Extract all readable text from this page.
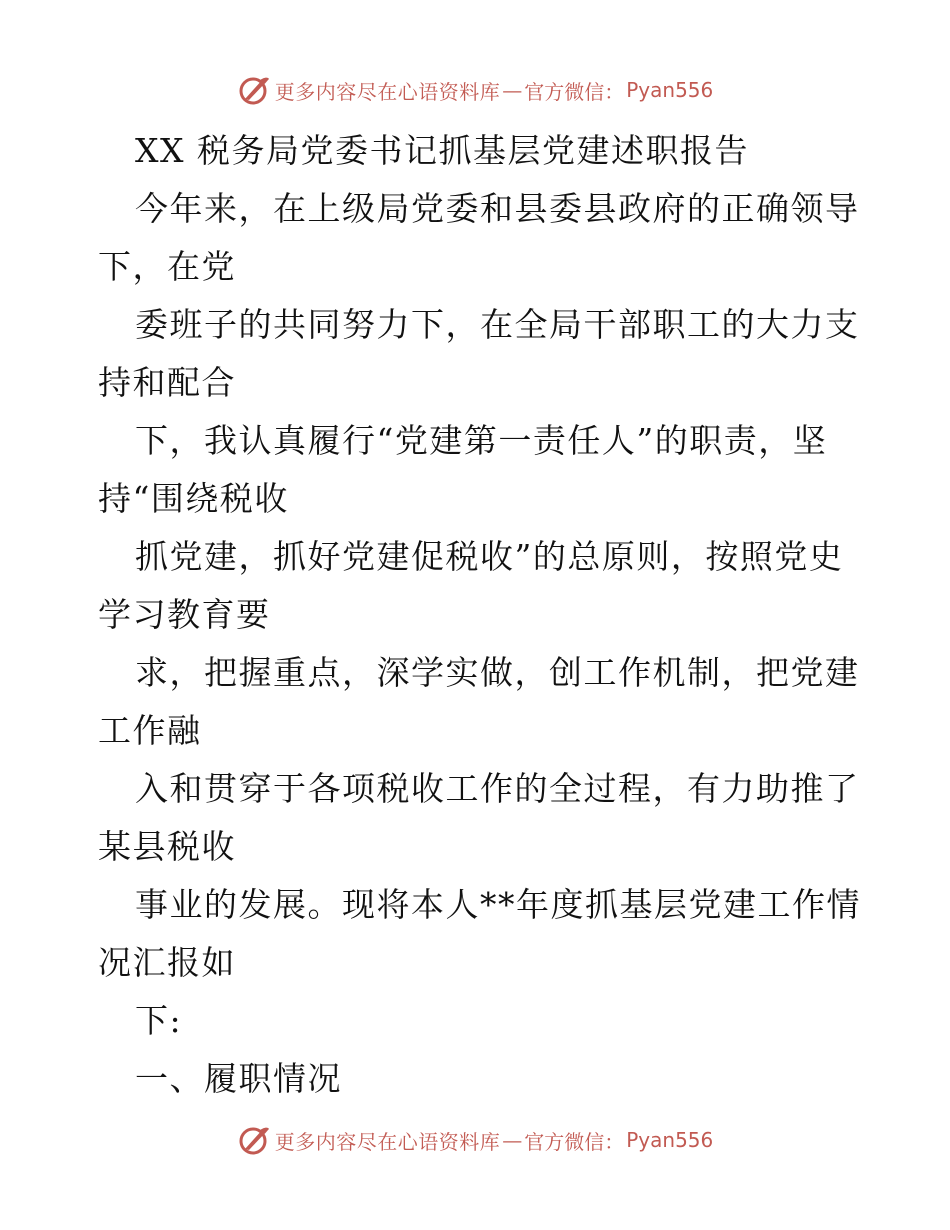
更多内容尽在心语资料库 — 官方微信： Pyan556
XX 税务局党委书记抓基层党建述职报告
今年来，在上级局党委和县委县政府的正确领导
下，在党
委班子的共同努力下，在全局干部职工的大力支
持和配合
下，我认真履行“党建第一责任人”的职责，坚
持“围绕税收
抓党建，抓好党建促税收”的总原则，按照党史
学习教育要
求，把握重点，深学实做，创工作机制，把党建
工作融
入和贯穿于各项税收工作的全过程，有力助推了
某县税收
事业的发展。现将本人**年度抓基层党建工作情
况汇报如
下:
一、履职情况
更多内容尽在心语资料库 — 官方微信： Pyan556
